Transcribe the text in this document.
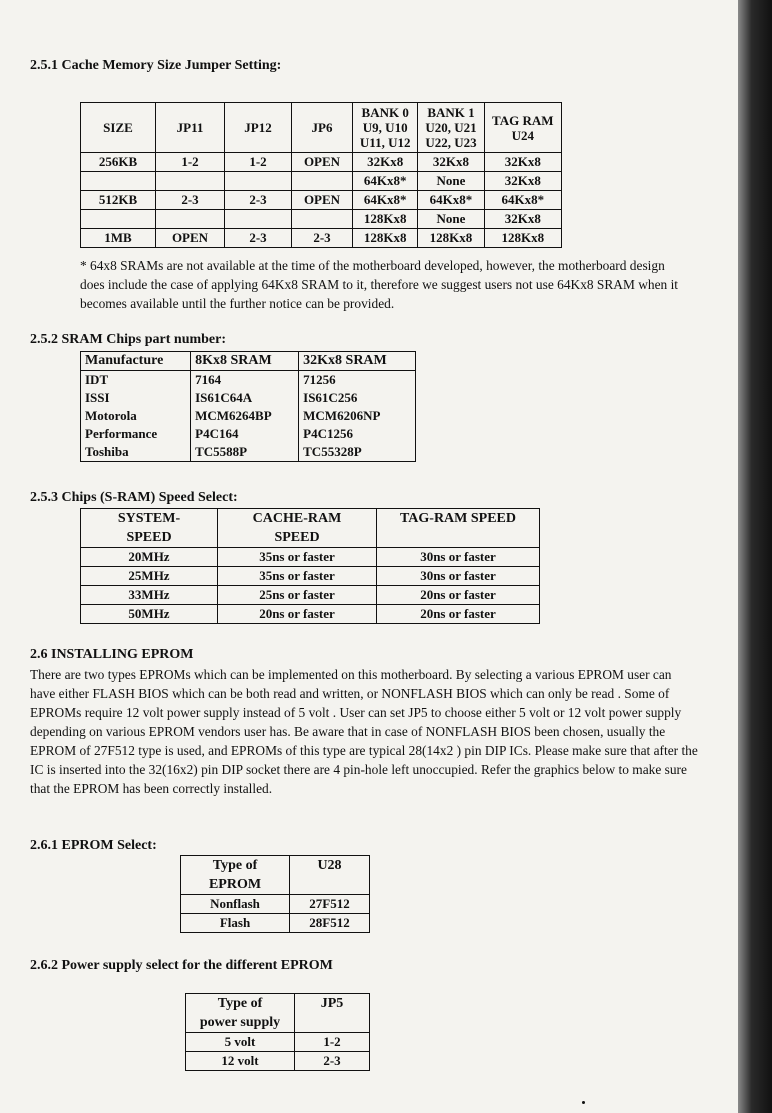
2.5.1 Cache Memory Size Jumper Setting:
SIZE	JP11	JP12	JP6	BANK 0
U9, U10
U11, U12	BANK 1
U20, U21
U22, U23	TAG RAM
U24
256KB	1-2	1-2	OPEN	32Kx8	32Kx8	32Kx8
				64Kx8*	None	32Kx8
512KB	2-3	2-3	OPEN	64Kx8*	64Kx8*	64Kx8*
				128Kx8	None	32Kx8
1MB	OPEN	2-3	2-3	128Kx8	128Kx8	128Kx8
* 64x8 SRAMs are not available at the time of the motherboard developed, however, the motherboard design does include the case of applying 64Kx8 SRAM to it, therefore we suggest users not use 64Kx8 SRAM when it becomes available until the further notice can be provided.
2.5.2 SRAM Chips part number:
Manufacture	8Kx8 SRAM	32Kx8 SRAM
IDT	7164	71256
ISSI	IS61C64A	IS61C256
Motorola	MCM6264BP	MCM6206NP
Performance	P4C164	P4C1256
Toshiba	TC5588P	TC55328P
2.5.3 Chips (S-RAM) Speed Select:
SYSTEM-
SPEED	CACHE-RAM
SPEED	TAG-RAM SPEED
20MHz	35ns or faster	30ns or faster
25MHz	35ns or faster	30ns or faster
33MHz	25ns or faster	20ns or faster
50MHz	20ns or faster	20ns or faster
2.6 INSTALLING EPROM
There are two types EPROMs which can be implemented on this motherboard. By selecting a various EPROM user can have either FLASH BIOS which can be both read and written, or NONFLASH BIOS which can only be read . Some of EPROMs require 12 volt power supply instead of 5 volt . User can set JP5 to choose either 5 volt or 12 volt power supply depending on various EPROM vendors user has. Be aware that in case of NONFLASH BIOS been chosen, usually the EPROM of 27F512 type is used, and EPROMs of this type are typical 28(14x2 ) pin DIP ICs. Please make sure that after the IC is inserted into the 32(16x2) pin DIP socket there are 4 pin-hole left unoccupied. Refer the graphics below to make sure that the EPROM has been correctly installed.
2.6.1 EPROM Select:
Type of
EPROM	U28
Nonflash	27F512
Flash	28F512
2.6.2 Power supply select for the different EPROM
Type of
power supply	JP5
5 volt	1-2
12 volt	2-3
